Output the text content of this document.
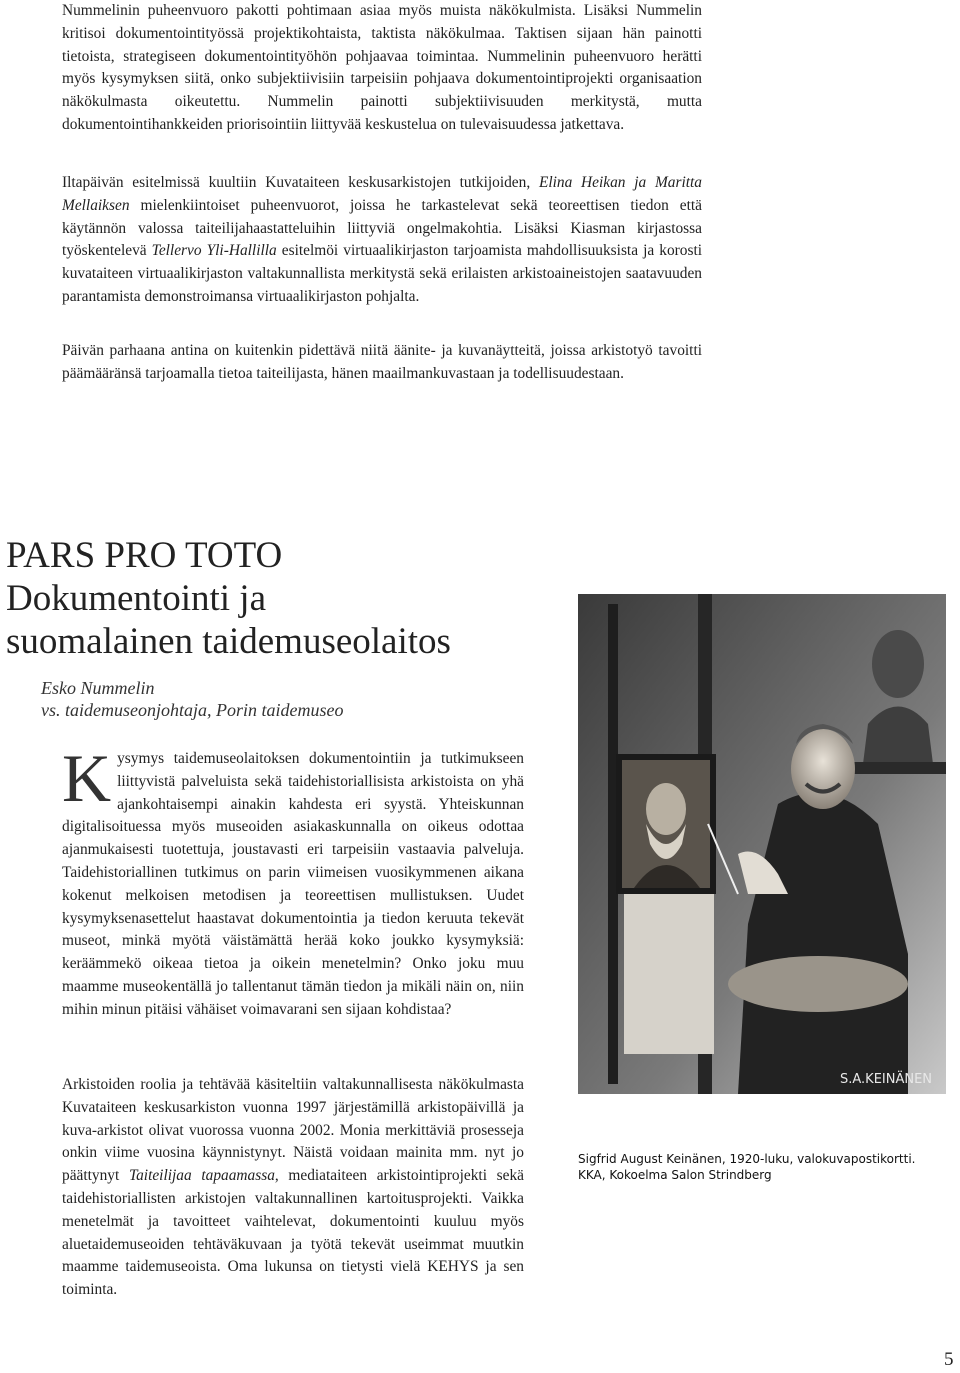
Nummelinin puheenvuoro pakotti pohtimaan asiaa myös muista näkökulmista. Lisäksi Nummelin kritisoi dokumentointityössä projektikohtaista, taktista näkökulmaa. Taktisen sijaan hän painotti tietoista, strategiseen dokumentointityöhön pohjaavaa toimintaa. Nummelinin puheenvuoro herätti myös kysymyksen siitä, onko subjektiivisiin tarpeisiin pohjaava dokumentointiprojekti organisaation näkökulmasta oikeutettu. Nummelin painotti subjektiivisuuden merkitystä, mutta dokumentointihankkeiden priorisointiin liittyvää keskustelua on tulevaisuudessa jatkettava.

Iltapäivän esitelmissä kuultiin Kuvataiteen keskusarkistojen tutkijoiden, Elina Heikan ja Maritta Mellaiksen mielenkiintoiset puheenvuorot, joissa he tarkastelevat sekä teoreettisen tiedon että käytännön valossa taiteilijahaastatteluihin liittyviä ongelmakohtia. Lisäksi Kiasman kirjastossa työskentelevä Tellervo Yli-Hallilla esitelmöi virtuaalikirjaston tarjoamista mahdollisuuksista ja korosti kuvataiteen virtuaalikirjaston valtakunnallista merkitystä sekä erilaisten arkistoaineistojen saatavuuden parantamista demonstroimansa virtuaalikirjaston pohjalta.

Päivän parhaana antina on kuitenkin pidettävä niitä äänite- ja kuvanäytteitä, joissa arkistotyö tavoitti päämääränsä tarjoamalla tietoa taiteilijasta, hänen maailmankuvastaan ja todellisuudestaan.

PARS PRO TOTO
Dokumentointi ja
suomalainen taidemuseolaitos
Esko Nummelin
vs. taidemuseonjohtaja, Porin taidemuseo

Kysymys taidemuseolaitoksen dokumentointiin ja tutkimukseen liittyvistä palveluista sekä taidehistoriallisista arkistoista on yhä ajankohtaisempi ainakin kahdesta eri syystä. Yhteiskunnan digitalisoituessa myös museoiden asiakaskunnalla on oikeus odottaa ajanmukaisesti tuotettuja, joustavasti eri tarpeisiin vastaavia palveluja. Taidehistoriallinen tutkimus on parin viimeisen vuosikymmenen aikana kokenut melkoisen metodisen ja teoreettisen mullistuksen. Uudet kysymyksenasettelut haastavat dokumentointia ja tiedon keruuta tekevät museot, minkä myötä väistämättä herää koko joukko kysymyksiä: keräämmekö oikeaa tietoa ja oikein menetelmin? Onko joku muu maamme museokentällä jo tallentanut tämän tiedon ja mikäli näin on, niin mihin minun pitäisi vähäiset voimavarani sen sijaan kohdistaa?

Arkistoiden roolia ja tehtävää käsiteltiin valtakunnallisesta näkökulmasta Kuvataiteen keskusarkiston vuonna 1997 järjestämillä arkistopäivillä ja kuva-arkistot olivat vuorossa vuonna 2002. Monia merkittäviä prosesseja onkin viime vuosina käynnistynyt. Näistä voidaan mainita mm. nyt jo päättynyt Taiteilijaa tapaamassa, mediataiteen arkistointiprojekti sekä taidehistoriallisten arkistojen valtakunnallinen kartoitusprojekti. Vaikka menetelmät ja tavoitteet vaihtelevat, dokumentointi kuuluu myös aluetaidemuseoiden tehtäväkuvaan ja työtä tekevät useimmat muutkin maamme taidemuseoista. Oma lukunsa on tietysti vielä KEHYS ja sen toiminta.

S.A.KEINÄNEN
Sigfrid August Keinänen, 1920-luku, valokuvapostikortti.
KKA, Kokoelma Salon Strindberg
5
